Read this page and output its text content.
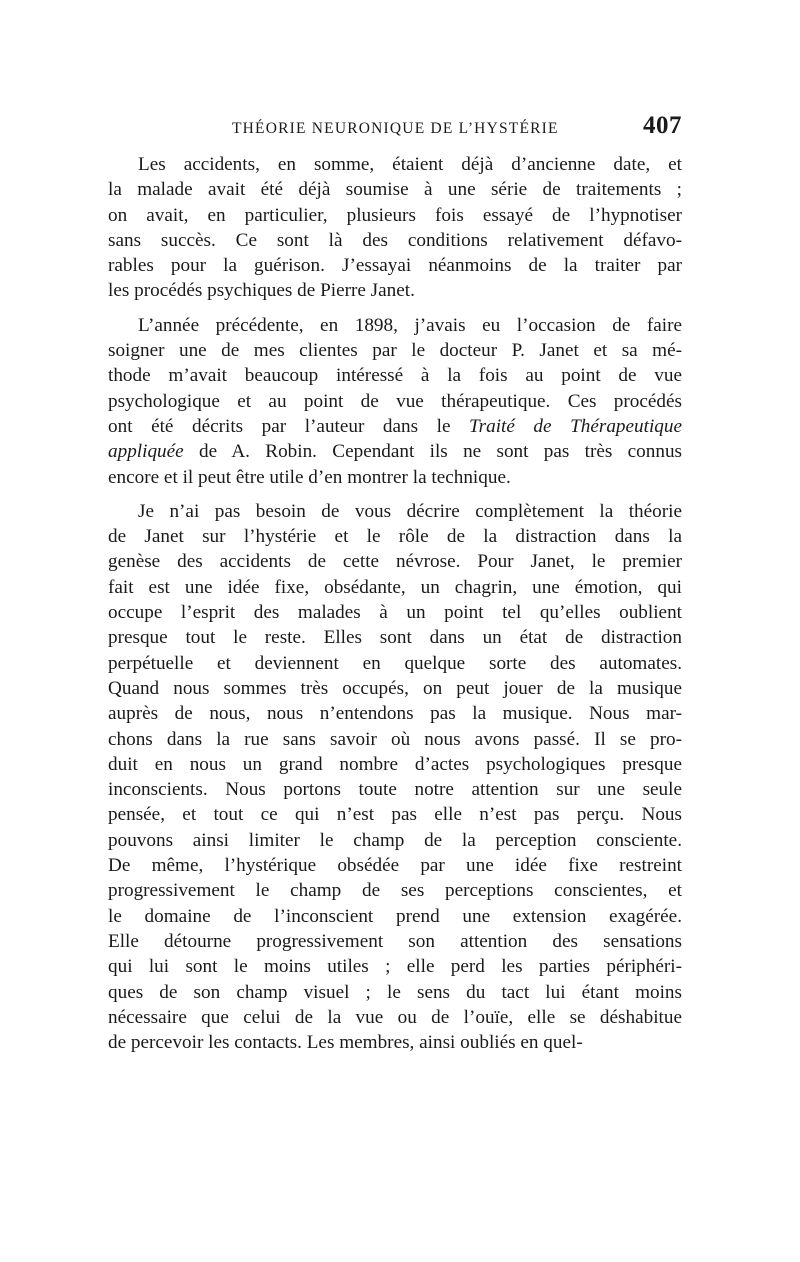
THÉORIE NEURONIQUE DE L’HYSTÉRIE	407
Les accidents, en somme, étaient déjà d’ancienne date, et
la malade avait été déjà soumise à une série de traitements ;
on avait, en particulier, plusieurs fois essayé de l’hypnotiser
sans succès. Ce sont là des conditions relativement défavo-
rables pour la guérison. J’essayai néanmoins de la traiter par
les procédés psychiques de Pierre Janet.
L’année précédente, en 1898, j’avais eu l’occasion de faire
soigner une de mes clientes par le docteur P. Janet et sa mé-
thode m’avait beaucoup intéressé à la fois au point de vue
psychologique et au point de vue thérapeutique. Ces procédés
ont été décrits par l’auteur dans le Traité de Thérapeutique
appliquée de A. Robin. Cependant ils ne sont pas très connus
encore et il peut être utile d’en montrer la technique.
Je n’ai pas besoin de vous décrire complètement la théorie
de Janet sur l’hystérie et le rôle de la distraction dans la
genèse des accidents de cette névrose. Pour Janet, le premier
fait est une idée fixe, obsédante, un chagrin, une émotion, qui
occupe l’esprit des malades à un point tel qu’elles oublient
presque tout le reste. Elles sont dans un état de distraction
perpétuelle et deviennent en quelque sorte des automates.
Quand nous sommes très occupés, on peut jouer de la musique
auprès de nous, nous n’entendons pas la musique. Nous mar-
chons dans la rue sans savoir où nous avons passé. Il se pro-
duit en nous un grand nombre d’actes psychologiques presque
inconscients. Nous portons toute notre attention sur une seule
pensée, et tout ce qui n’est pas elle n’est pas perçu. Nous
pouvons ainsi limiter le champ de la perception consciente.
De même, l’hystérique obsédée par une idée fixe restreint
progressivement le champ de ses perceptions conscientes, et
le domaine de l’inconscient prend une extension exagérée.
Elle détourne progressivement son attention des sensations
qui lui sont le moins utiles ; elle perd les parties périphéri-
ques de son champ visuel ; le sens du tact lui étant moins
nécessaire que celui de la vue ou de l’ouïe, elle se déshabitue
de percevoir les contacts. Les membres, ainsi oubliés en quel-
